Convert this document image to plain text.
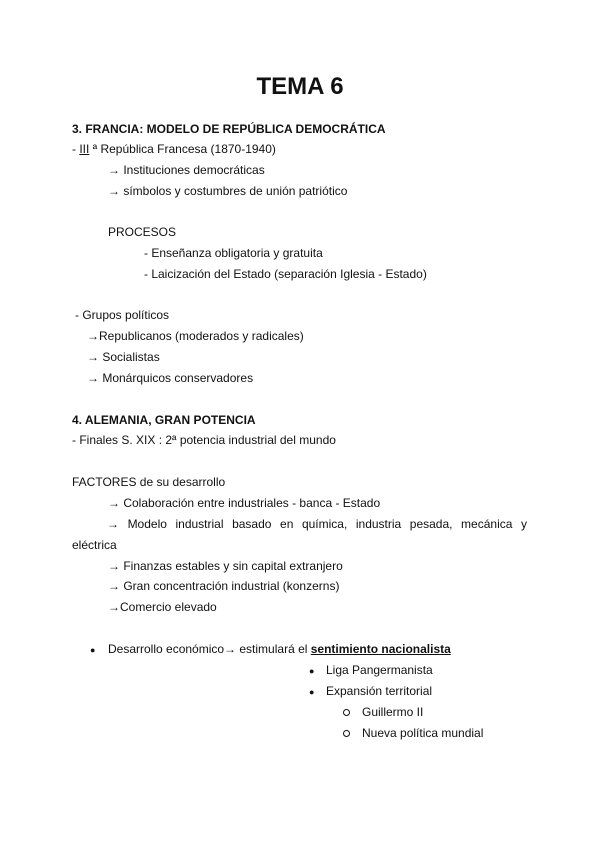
TEMA 6
3. FRANCIA: MODELO DE REPÚBLICA DEMOCRÁTICA
- III ª República Francesa (1870-1940)
→ Instituciones democráticas
→ símbolos y costumbres de unión patriótico
PROCESOS
- Enseñanza obligatoria y gratuita
- Laicización del Estado (separación Iglesia - Estado)
- Grupos políticos
→Republicanos (moderados y radicales)
→ Socialistas
→ Monárquicos conservadores
4. ALEMANIA, GRAN POTENCIA
- Finales S. XIX : 2ª potencia industrial del mundo
FACTORES de su desarrollo
→ Colaboración entre industriales - banca - Estado
→ Modelo industrial basado en química, industria pesada, mecánica y
eléctrica
→ Finanzas estables y sin capital extranjero
→ Gran concentración industrial (konzerns)
→Comercio elevado
● Desarrollo económico→ estimulará el sentimiento nacionalista
● Liga Pangermanista
● Expansión territorial
Guillermo II
Nueva política mundial
